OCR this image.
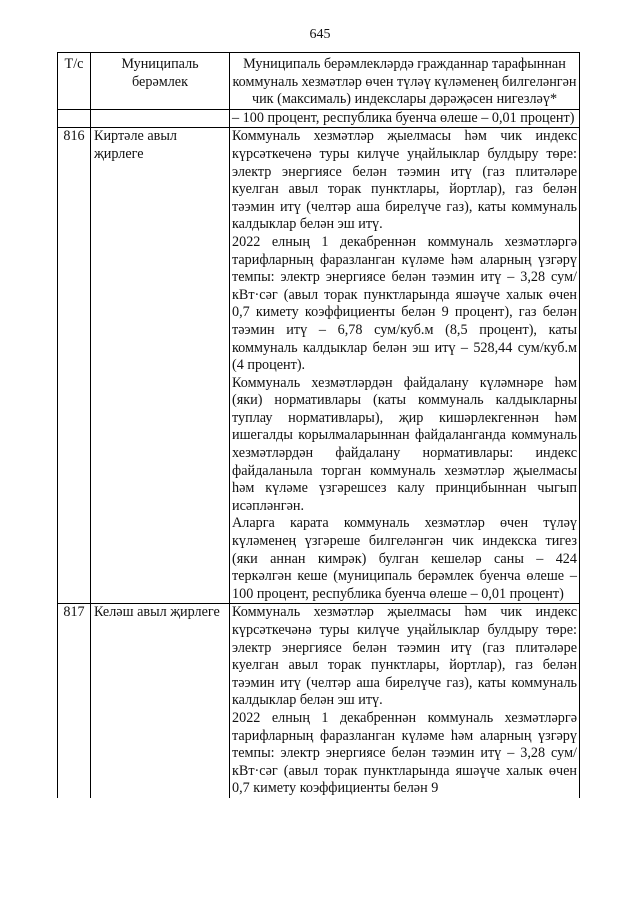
645
Т/с	Муниципаль берәмлек	Муниципаль берәмлекләрдә гражданнар тарафыннан коммуналь хезмәтләр өчен түләү күләменең билгеләнгән чик (максималь) индекслары дәрәҗәсен нигезләү*

		– 100 процент, республика буенча өлеше – 0,01 процент)

816	Киртәле авыл җирлеге	Коммуналь хезмәтләр җыелмасы һәм чик индекс күрсәткеченә туры килүче уңайлыклар булдыру төре: электр энергиясе белән тәэмин итү (газ плитәләре куелган авыл торак пунктлары, йортлар), газ белән тәэмин итү (челтәр аша бирелүче газ), каты коммуналь калдыклар белән эш итү.
2022 елның 1 декабреннән коммуналь хезмәтләргә тарифларның фаразланган күләме һәм аларның үзгәрү темпы: электр энергиясе белән тәэмин итү – 3,28 сум/кВт·сәг (авыл торак пунктларында яшәүче халык өчен 0,7 кимету коэффициенты белән 9 процент), газ белән тәэмин итү – 6,78 сум/куб.м (8,5 процент), каты коммуналь калдыклар белән эш итү – 528,44 сум/куб.м (4 процент).
Коммуналь хезмәтләрдән файдалану күләмнәре һәм (яки) нормативлары (каты коммуналь калдыкларны туплау нормативлары), җир кишәрлекгеннән һәм ишегалды корылмаларыннан файдаланганда коммуналь хезмәтләрдән файдалану нормативлары: индекс файдаланыла торган коммуналь хезмәтләр җыелмасы һәм күләме үзгәрешсез калу принцибыннан чыгып исәпләнгән.
Аларга карата коммуналь хезмәтләр өчен түләү күләменең үзгәреше билгеләнгән чик индекска тигез (яки аннан кимрәк) булган кешеләр саны – 424 теркәлгән кеше (муниципаль берәмлек буенча өлеше – 100 процент, республика буенча өлеше – 0,01 процент)

817	Келәш авыл җирлеге	Коммуналь хезмәтләр җыелмасы һәм чик индекс күрсәткечәнә туры килүче уңайлыклар булдыру төре: электр энергиясе белән тәэмин итү (газ плитәләре куелган авыл торак пунктлары, йортлар), газ белән тәэмин итү (челтәр аша бирелүче газ), каты коммуналь калдыклар белән эш итү.
2022 елның 1 декабреннән коммуналь хезмәтләргә тарифларның фаразланган күләме һәм аларның үзгәрү темпы: электр энергиясе белән тәэмин итү – 3,28 сум/кВт·сәг (авыл торак пунктларында яшәүче халык өчен 0,7 кимету коэффициенты белән 9
